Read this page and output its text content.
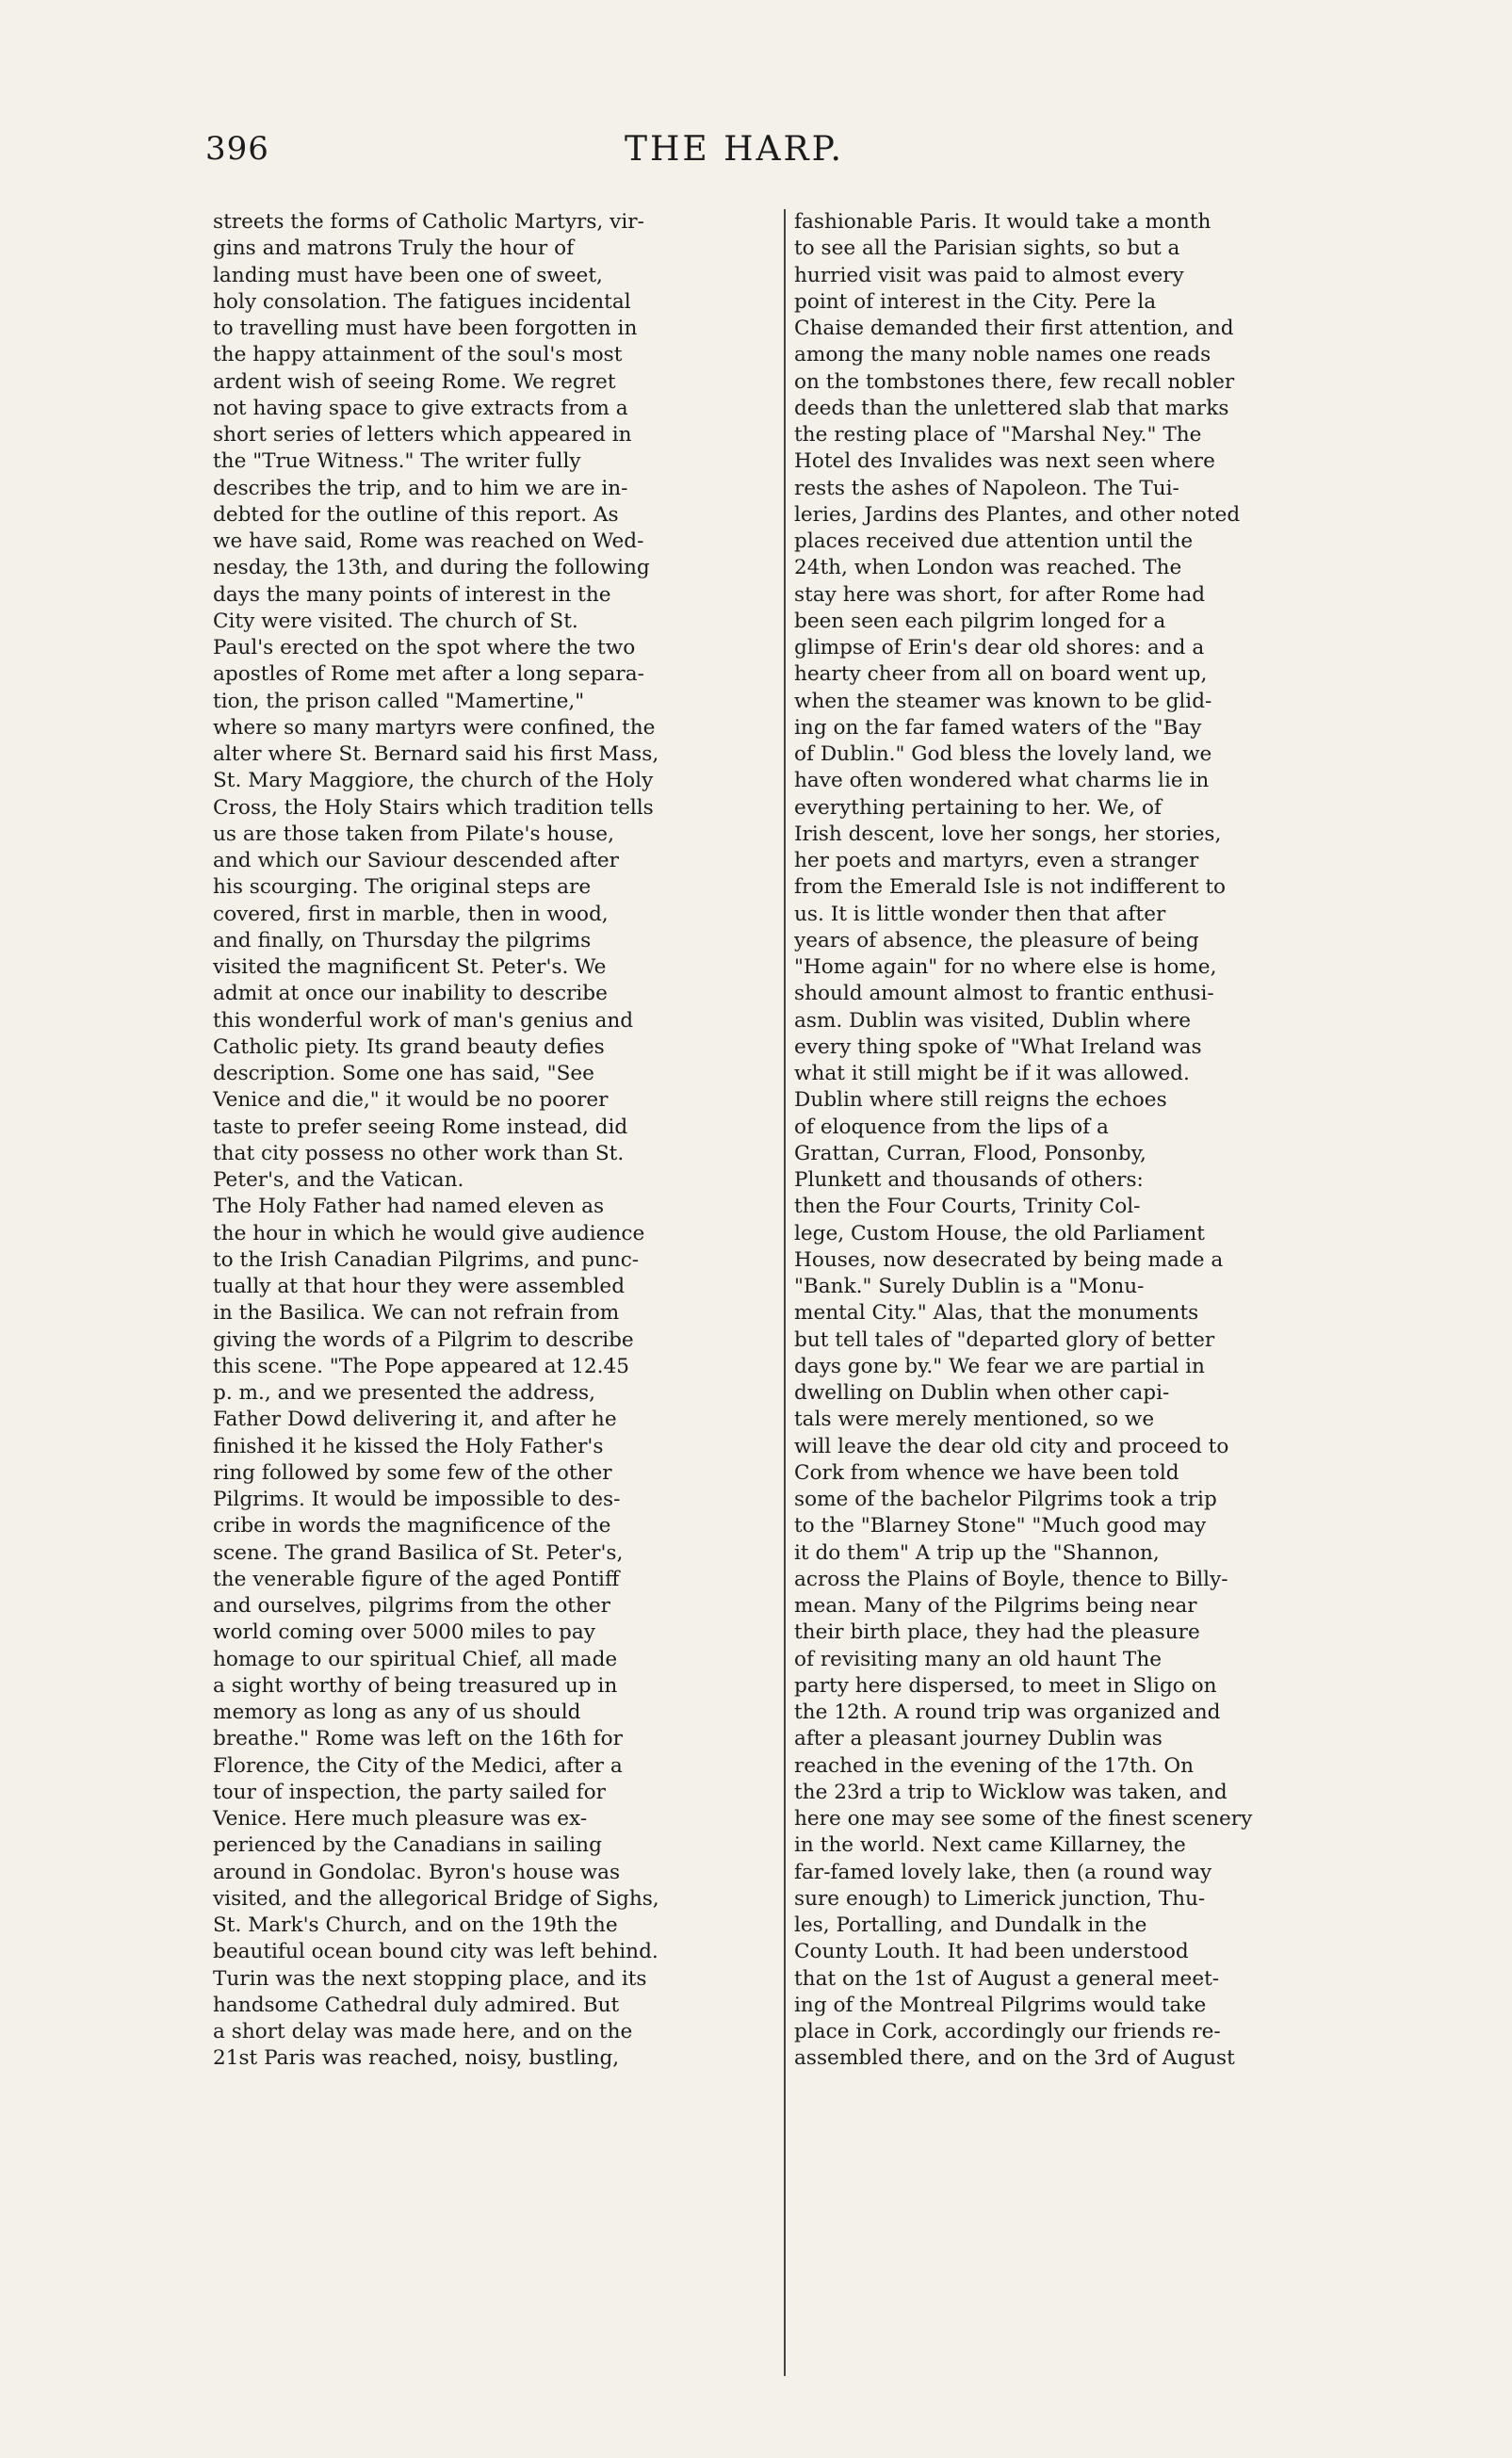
396	THE HARP.

streets the forms of Catholic Martyrs, vir-
gins and matrons Truly the hour of
landing must have been one of sweet,
holy consolation. The fatigues incidental
to travelling must have been forgotten in
the happy attainment of the soul's most
ardent wish of seeing Rome. We regret
not having space to give extracts from a
short series of letters which appeared in
the "True Witness." The writer fully
describes the trip, and to him we are in-
debted for the outline of this report. As
we have said, Rome was reached on Wed-
nesday, the 13th, and during the following
days the many points of interest in the
City were visited. The church of St.
Paul's erected on the spot where the two
apostles of Rome met after a long separa-
tion, the prison called "Mamertine,"
where so many martyrs were confined, the
alter where St. Bernard said his first Mass,
St. Mary Maggiore, the church of the Holy
Cross, the Holy Stairs which tradition tells
us are those taken from Pilate's house,
and which our Saviour descended after
his scourging. The original steps are
covered, first in marble, then in wood,
and finally, on Thursday the pilgrims
visited the magnificent St. Peter's. We
admit at once our inability to describe
this wonderful work of man's genius and
Catholic piety. Its grand beauty defies
description. Some one has said, "See
Venice and die," it would be no poorer
taste to prefer seeing Rome instead, did
that city possess no other work than St.
Peter's, and the Vatican.
The Holy Father had named eleven as
the hour in which he would give audience
to the Irish Canadian Pilgrims, and punc-
tually at that hour they were assembled
in the Basilica. We can not refrain from
giving the words of a Pilgrim to describe
this scene. "The Pope appeared at 12.45
p. m., and we presented the address,
Father Dowd delivering it, and after he
finished it he kissed the Holy Father's
ring followed by some few of the other
Pilgrims. It would be impossible to des-
cribe in words the magnificence of the
scene. The grand Basilica of St. Peter's,
the venerable figure of the aged Pontiff
and ourselves, pilgrims from the other
world coming over 5000 miles to pay
homage to our spiritual Chief, all made
a sight worthy of being treasured up in
memory as long as any of us should
breathe." Rome was left on the 16th for
Florence, the City of the Medici, after a
tour of inspection, the party sailed for
Venice. Here much pleasure was ex-
perienced by the Canadians in sailing
around in Gondolac. Byron's house was
visited, and the allegorical Bridge of Sighs,
St. Mark's Church, and on the 19th the
beautiful ocean bound city was left behind.
Turin was the next stopping place, and its
handsome Cathedral duly admired. But
a short delay was made here, and on the
21st Paris was reached, noisy, bustling,

fashionable Paris. It would take a month
to see all the Parisian sights, so but a
hurried visit was paid to almost every
point of interest in the City. Pere la
Chaise demanded their first attention, and
among the many noble names one reads
on the tombstones there, few recall nobler
deeds than the unlettered slab that marks
the resting place of "Marshal Ney." The
Hotel des Invalides was next seen where
rests the ashes of Napoleon. The Tui-
leries, Jardins des Plantes, and other noted
places received due attention until the
24th, when London was reached. The
stay here was short, for after Rome had
been seen each pilgrim longed for a
glimpse of Erin's dear old shores: and a
hearty cheer from all on board went up,
when the steamer was known to be glid-
ing on the far famed waters of the "Bay
of Dublin." God bless the lovely land, we
have often wondered what charms lie in
everything pertaining to her. We, of
Irish descent, love her songs, her stories,
her poets and martyrs, even a stranger
from the Emerald Isle is not indifferent to
us. It is little wonder then that after
years of absence, the pleasure of being
"Home again" for no where else is home,
should amount almost to frantic enthusi-
asm. Dublin was visited, Dublin where
every thing spoke of "What Ireland was
what it still might be if it was allowed.
Dublin where still reigns the echoes
of eloquence from the lips of a
Grattan, Curran, Flood, Ponsonby,
Plunkett and thousands of others:
then the Four Courts, Trinity Col-
lege, Custom House, the old Parliament
Houses, now desecrated by being made a
"Bank." Surely Dublin is a "Monu-
mental City." Alas, that the monuments
but tell tales of "departed glory of better
days gone by." We fear we are partial in
dwelling on Dublin when other capi-
tals were merely mentioned, so we
will leave the dear old city and proceed to
Cork from whence we have been told
some of the bachelor Pilgrims took a trip
to the "Blarney Stone" "Much good may
it do them" A trip up the "Shannon,
across the Plains of Boyle, thence to Billy-
mean. Many of the Pilgrims being near
their birth place, they had the pleasure
of revisiting many an old haunt The
party here dispersed, to meet in Sligo on
the 12th. A round trip was organized and
after a pleasant journey Dublin was
reached in the evening of the 17th. On
the 23rd a trip to Wicklow was taken, and
here one may see some of the finest scenery
in the world. Next came Killarney, the
far-famed lovely lake, then (a round way
sure enough) to Limerick junction, Thu-
les, Portalling, and Dundalk in the
County Louth. It had been understood
that on the 1st of August a general meet-
ing of the Montreal Pilgrims would take
place in Cork, accordingly our friends re-
assembled there, and on the 3rd of August
